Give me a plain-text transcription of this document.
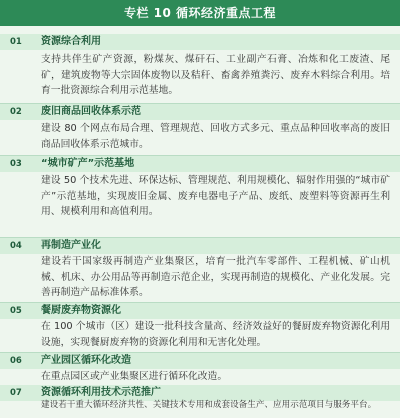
专栏 10 循环经济重点工程
01 资源综合利用
支持共伴生矿产资源，粉煤灰、煤矸石、工业副产石膏、冶炼和化工废渣、尾矿，建筑废物等大宗固体废物以及秸秆、畜禽养殖粪污、废弃木料综合利用。培育一批资源综合利用示范基地。
02 废旧商品回收体系示范
建设 80 个网点布局合理、管理规范、回收方式多元、重点品种回收率高的废旧商品回收体系示范城市。
03 “城市矿产”示范基地
建设 50 个技术先进、环保达标、管理规范、利用规模化、辐射作用强的“城市矿产”示范基地，实现废旧金属、废弃电器电子产品、废纸、废塑料等资源再生利用、规模利用和高值利用。
04 再制造产业化
建设若干国家级再制造产业集聚区，培育一批汽车零部件、工程机械、矿山机械、机床、办公用品等再制造示范企业，实现再制造的规模化、产业化发展。完善再制造产品标准体系。
05 餐厨废弃物资源化
在 100 个城市（区）建设一批科技含量高、经济效益好的餐厨废弃物资源化利用设施，实现餐厨废弃物的资源化利用和无害化处理。
06 产业园区循环化改造
在重点园区或产业集聚区进行循环化改造。
07 资源循环利用技术示范推广
建设若干重大循环经济共性、关键技术专用和成套设备生产、应用示范项目与服务平台。
